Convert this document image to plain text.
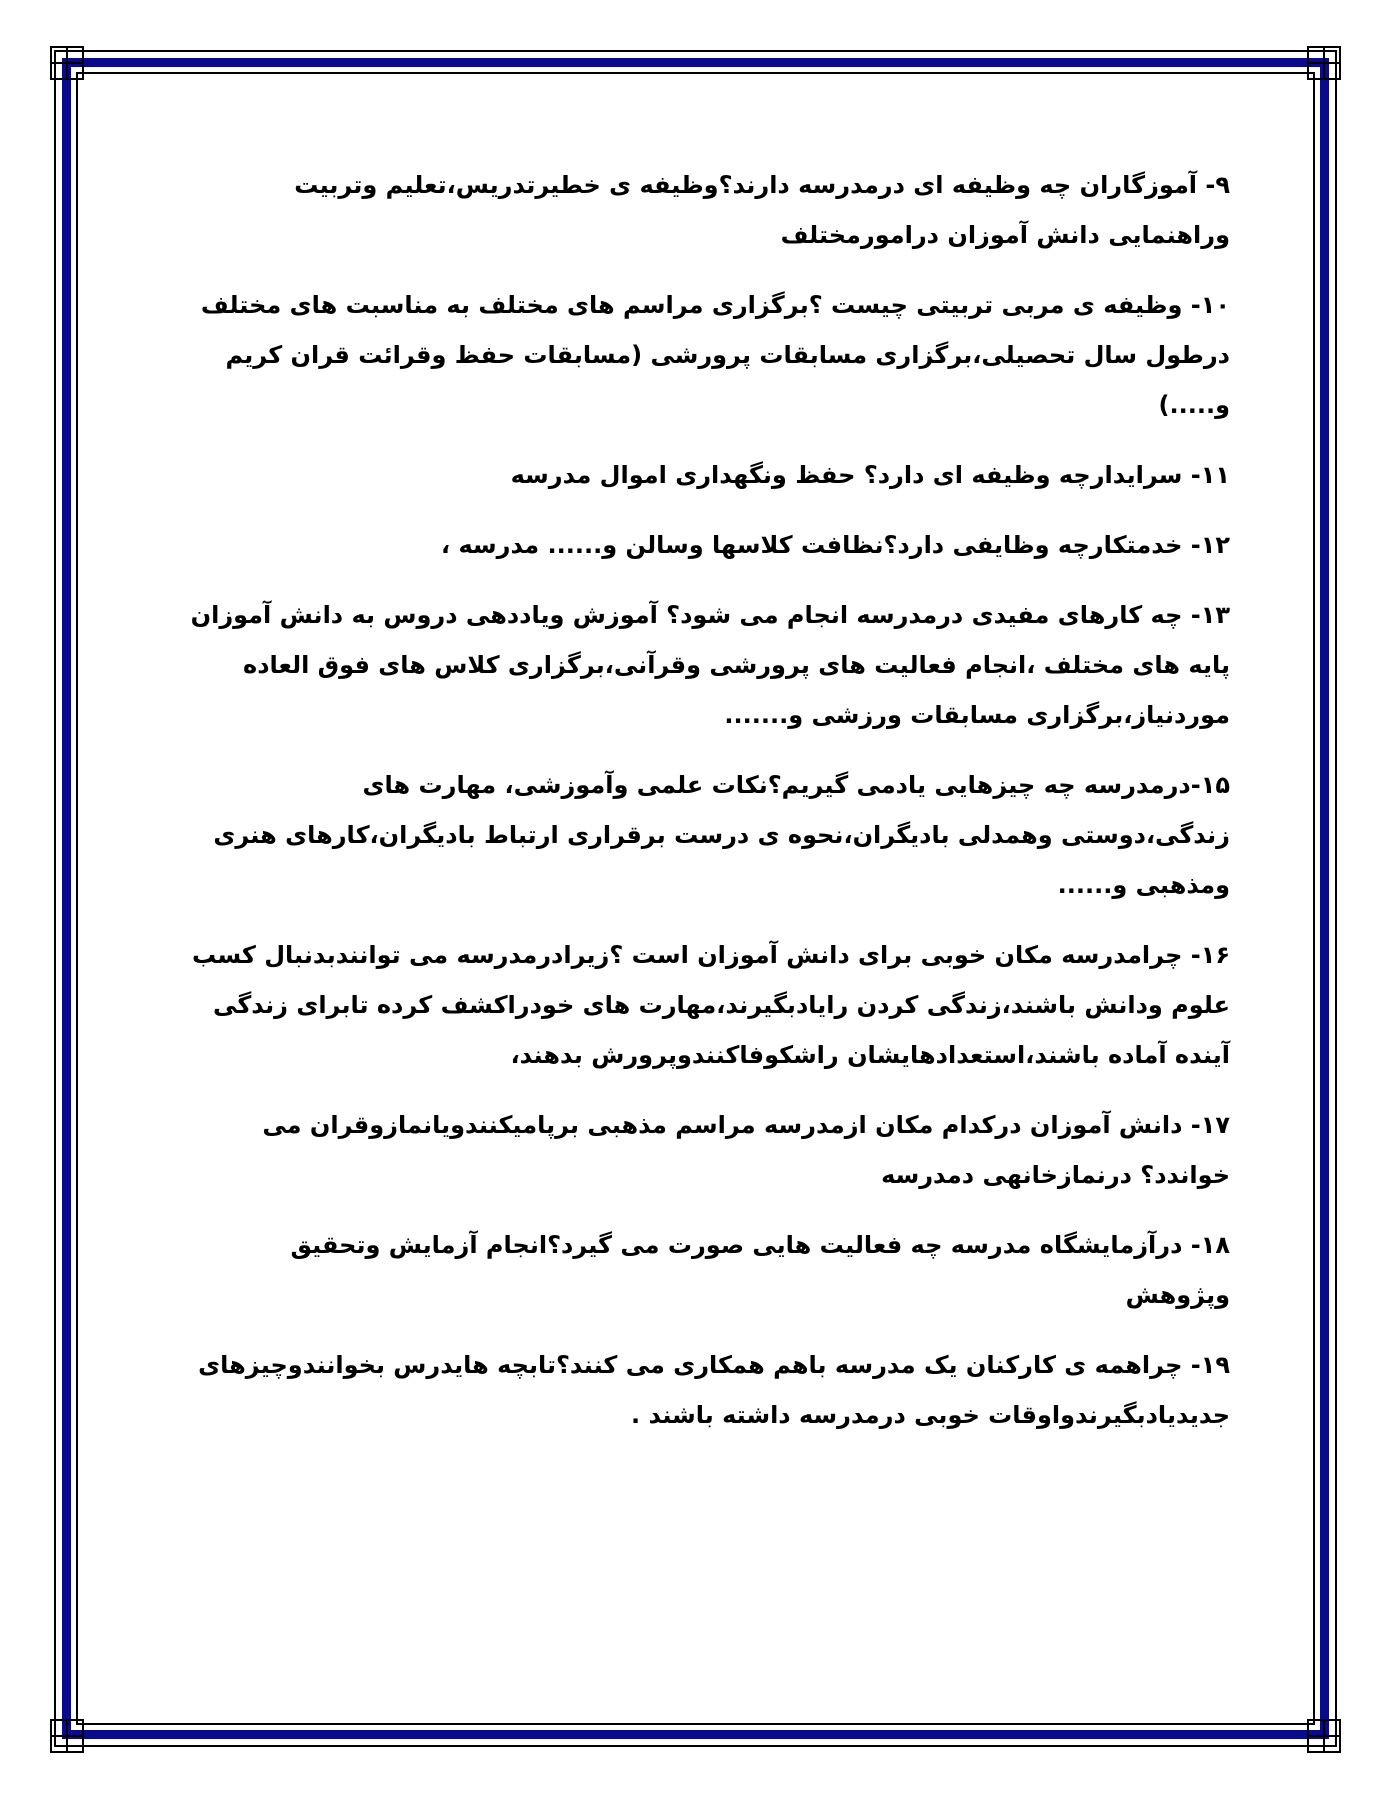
۹- آموزگاران چه وظیفه ای درمدرسه دارند؟وظیفه ی خطیرتدریس،تعلیم وتربیت وراهنمایی دانش آموزان درامورمختلف

۱۰- وظیفه ی مربی تربیتی چیست ؟برگزاری مراسم های مختلف به مناسبت های مختلف درطول سال تحصیلی،برگزاری مسابقات پرورشی (مسابقات حفظ وقرائت قران کریم و.....)

۱۱- سرایدارچه وظیفه ای دارد؟ حفظ ونگهداری اموال مدرسه

۱۲- خدمتکارچه وظایفی دارد؟نظافت کلاسها وسالن و...... مدرسه ،

۱۳- چه کارهای مفیدی درمدرسه انجام می شود؟ آموزش ویاددهی دروس به دانش آموزان پایه های مختلف ،انجام فعالیت های پرورشی وقرآنی،برگزاری کلاس های فوق العاده موردنیاز،برگزاری مسابقات ورزشی و.......

۱۵-درمدرسه چه چیزهایی یادمی گیریم؟نکات علمی وآموزشی، مهارت های زندگی،دوستی وهمدلی بادیگران،نحوه ی درست برقراری ارتباط بادیگران،کارهای هنری ومذهبی و......

۱۶- چرامدرسه مکان خوبی برای دانش آموزان است ؟زیرادرمدرسه می توانندبدنبال کسب علوم ودانش باشند،زندگی کردن رایادبگیرند،مهارت های خودراکشف کرده تابرای زندگی آینده آماده باشند،استعدادهایشان راشکوفاکنندوپرورش بدهند،

۱۷- دانش آموزان درکدام مکان ازمدرسه مراسم مذهبی برپامیکنندویانمازوقران می خواندد؟ درنمازخانهی دمدرسه

۱۸- درآزمایشگاه مدرسه چه فعالیت هایی صورت می گیرد؟انجام آزمایش وتحقیق وپژوهش

۱۹- چراهمه ی کارکنان یک مدرسه باهم همکاری می کنند؟تابچه هایدرس بخوانندوچیزهای جدیدیادبگیرندواوقات خوبی درمدرسه داشته باشند .
